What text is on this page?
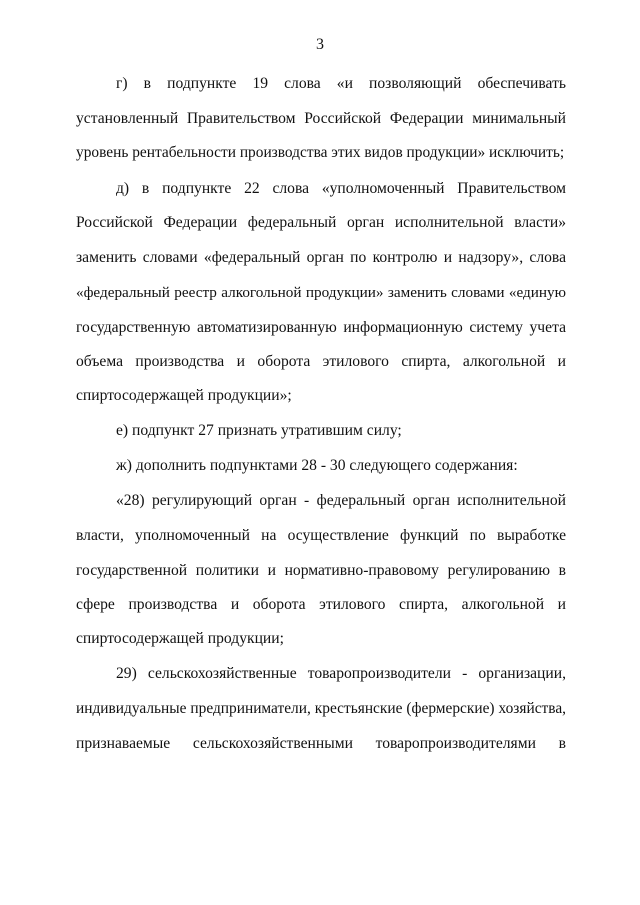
3
г) в подпункте 19 слова «и позволяющий обеспечивать
установленный Правительством Российской Федерации минимальный
уровень рентабельности производства этих видов продукции» исключить;
д) в подпункте 22 слова «уполномоченный Правительством
Российской Федерации федеральный орган исполнительной власти»
заменить словами «федеральный орган по контролю и надзору», слова
«федеральный реестр алкогольной продукции» заменить словами «единую
государственную автоматизированную информационную систему учета
объема производства и оборота этилового спирта, алкогольной и
спиртосодержащей продукции»;
е) подпункт 27 признать утратившим силу;
ж) дополнить подпунктами 28 - 30 следующего содержания:
«28) регулирующий орган - федеральный орган исполнительной
власти, уполномоченный на осуществление функций по выработке
государственной политики и нормативно-правовому регулированию в
сфере производства и оборота этилового спирта, алкогольной и
спиртосодержащей продукции;
29) сельскохозяйственные товаропроизводители - организации,
индивидуальные предприниматели, крестьянские (фермерские) хозяйства,
признаваемые сельскохозяйственными товаропроизводителями в
